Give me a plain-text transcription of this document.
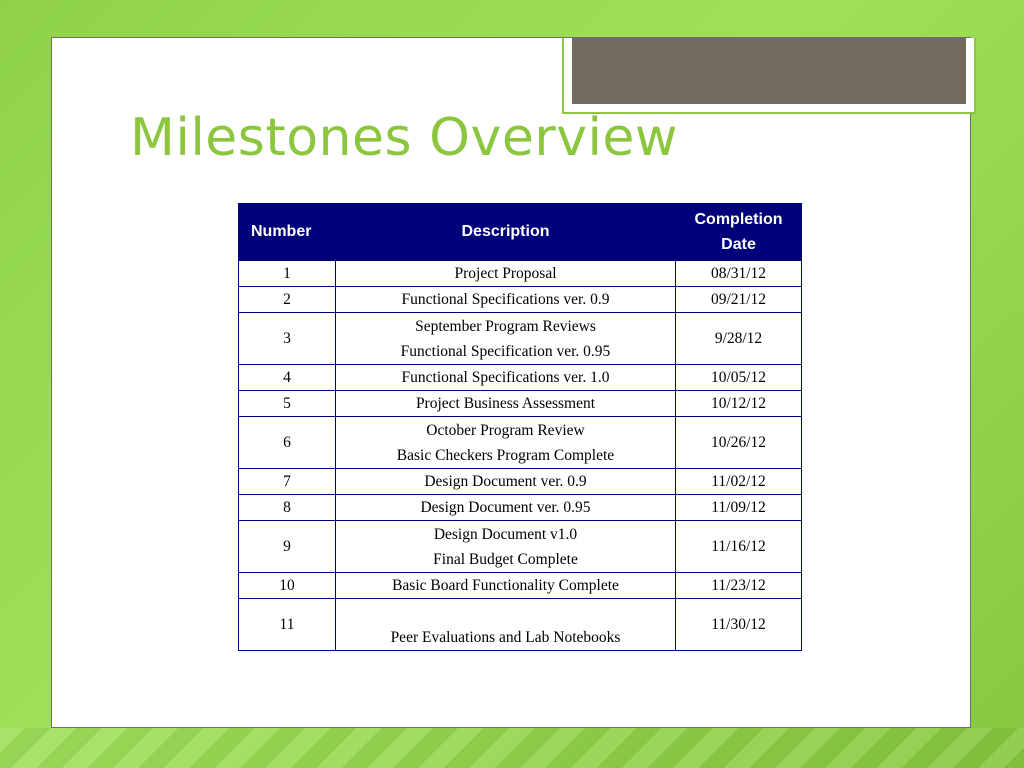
Milestones Overview
Number	Description	Completion
Date

1	Project Proposal	08/31/12
2	Functional Specifications ver. 0.9	09/21/12
3	September Program Reviews
Functional Specification ver. 0.95	9/28/12
4	Functional Specifications ver. 1.0	10/05/12
5	Project Business Assessment	10/12/12
6	October Program Review
Basic Checkers Program Complete	10/26/12
7	Design Document ver. 0.9	11/02/12
8	Design Document ver. 0.95	11/09/12
9	Design Document v1.0
Final Budget Complete	11/16/12
10	Basic Board Functionality Complete	11/23/12
11	Peer Evaluations and Lab Notebooks	11/30/12
